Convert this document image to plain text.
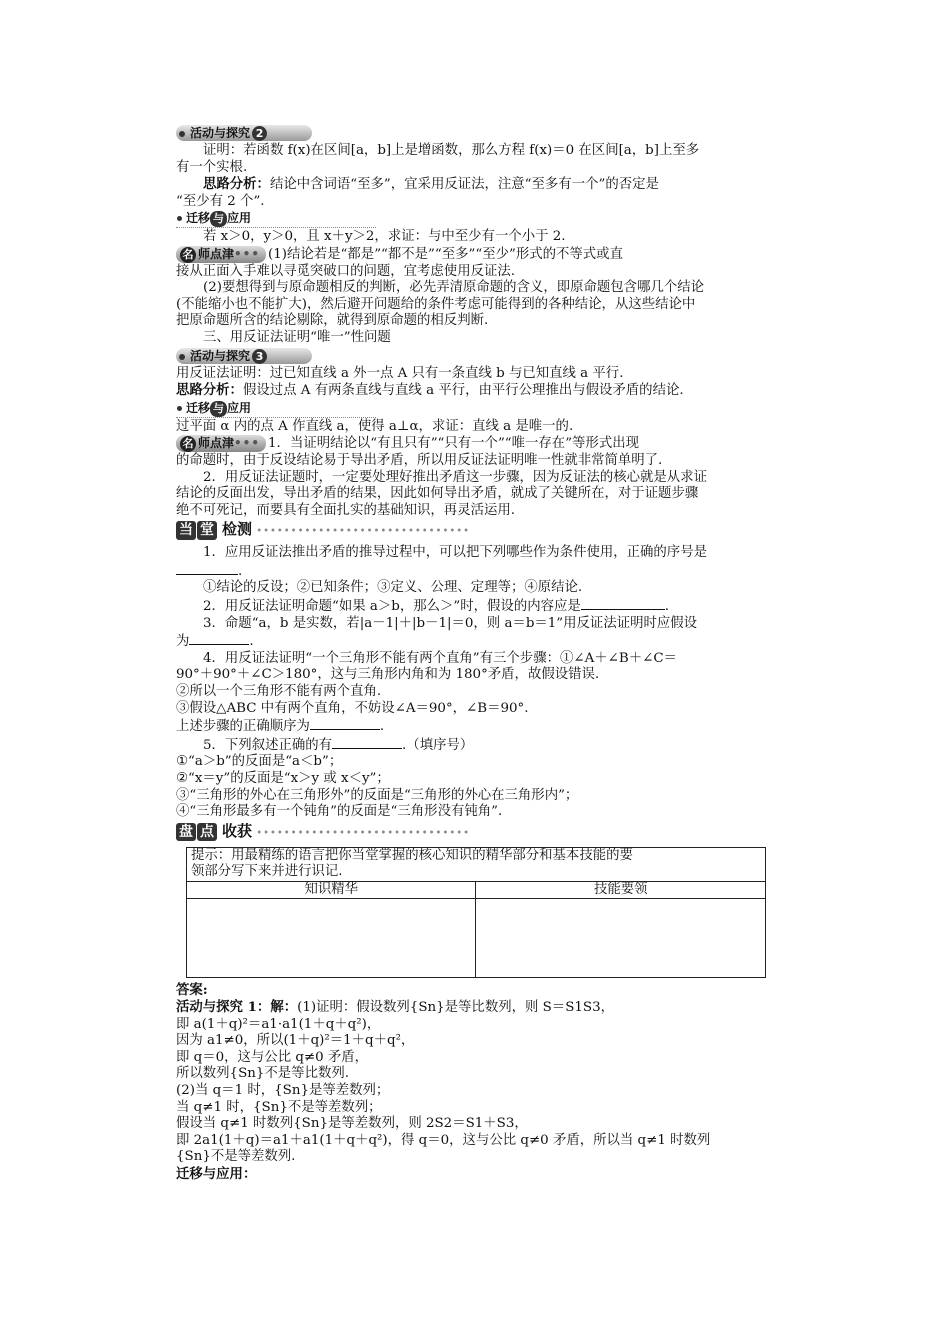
活动与探究 2
证明：若函数 f(x)在区间[a，b]上是增函数，那么方程 f(x)＝0 在区间[a，b]上至多
有一个实根.
思路分析：结论中含词语“至多”，宜采用反证法，注意“至多有一个”的否定是
“至少有 2 个”.
迁移 与 应用
若 x＞0，y＞0，且 x＋y＞2，求证：与中至少有一个小于 2.
名 师点津••• (1)结论若是“都是”“都不是”“至多”“至少”形式的不等式或直
接从正面入手难以寻觅突破口的问题，宜考虑使用反证法.
(2)要想得到与原命题相反的判断，必先弄清原命题的含义，即原命题包含哪几个结论
(不能缩小也不能扩大)，然后避开问题给的条件考虑可能得到的各种结论，从这些结论中
把原命题所含的结论剔除，就得到原命题的相反判断.
三、用反证法证明“唯一”性问题
活动与探究 3
用反证法证明：过已知直线 a 外一点 A 只有一条直线 b 与已知直线 a 平行.
思路分析：假设过点 A 有两条直线与直线 a 平行，由平行公理推出与假设矛盾的结论.
迁移 与 应用
过平面 α 内的点 A 作直线 a，使得 a⊥α，求证：直线 a 是唯一的.
名 师点津••• 1．当证明结论以“有且只有”“只有一个”“唯一存在”等形式出现
的命题时，由于反设结论易于导出矛盾，所以用反证法证明唯一性就非常简单明了.
2．用反证法证题时，一定要处理好推出矛盾这一步骤，因为反证法的核心就是从求证
结论的反面出发，导出矛盾的结果，因此如何导出矛盾，就成了关键所在，对于证题步骤
绝不可死记，而要具有全面扎实的基础知识，再灵活运用.
当 堂 检测 •••••••••••••••••••••••••••••••
1．应用反证法推出矛盾的推导过程中，可以把下列哪些作为条件使用，正确的序号是
.
①结论的反设；②已知条件；③定义、公理、定理等；④原结论.
2．用反证法证明命题“如果 a＞b，那么＞”时，假设的内容应是	.
3．命题“a，b 是实数，若|a－1|＋|b－1|＝0，则 a＝b＝1”用反证法证明时应假设
为	.
4．用反证法证明“一个三角形不能有两个直角”有三个步骤：①∠A＋∠B＋∠C＝
90°＋90°＋∠C＞180°，这与三角形内角和为 180°矛盾，故假设错误.
②所以一个三角形不能有两个直角.
③假设△ABC 中有两个直角，不妨设∠A＝90°，∠B＝90°.
上述步骤的正确顺序为	.
5．下列叙述正确的有	.（填序号）
①“a＞b”的反面是“a＜b”；
②“x＝y”的反面是“x＞y 或 x＜y”；
③“三角形的外心在三角形外”的反面是“三角形的外心在三角形内”；
④“三角形最多有一个钝角”的反面是“三角形没有钝角”.
盘 点 收获 •••••••••••••••••••••••••••••••
提示：用最精练的语言把你当堂掌握的核心知识的精华部分和基本技能的要
领部分写下来并进行识记.	

知识精华	技能要领

答案:
活动与探究 1：解：(1)证明：假设数列{Sn}是等比数列，则 S＝S1S3，
即 a(1＋q)²＝a1·a1(1＋q＋q²)，
因为 a1≠0，所以(1＋q)²＝1＋q＋q²，
即 q＝0，这与公比 q≠0 矛盾，
所以数列{Sn}不是等比数列.
(2)当 q＝1 时，{Sn}是等差数列；
当 q≠1 时，{Sn}不是等差数列；
假设当 q≠1 时数列{Sn}是等差数列，则 2S2＝S1＋S3，
即 2a1(1＋q)＝a1＋a1(1＋q＋q²)，得 q＝0，这与公比 q≠0 矛盾，所以当 q≠1 时数列
{Sn}不是等差数列.
迁移与应用：
